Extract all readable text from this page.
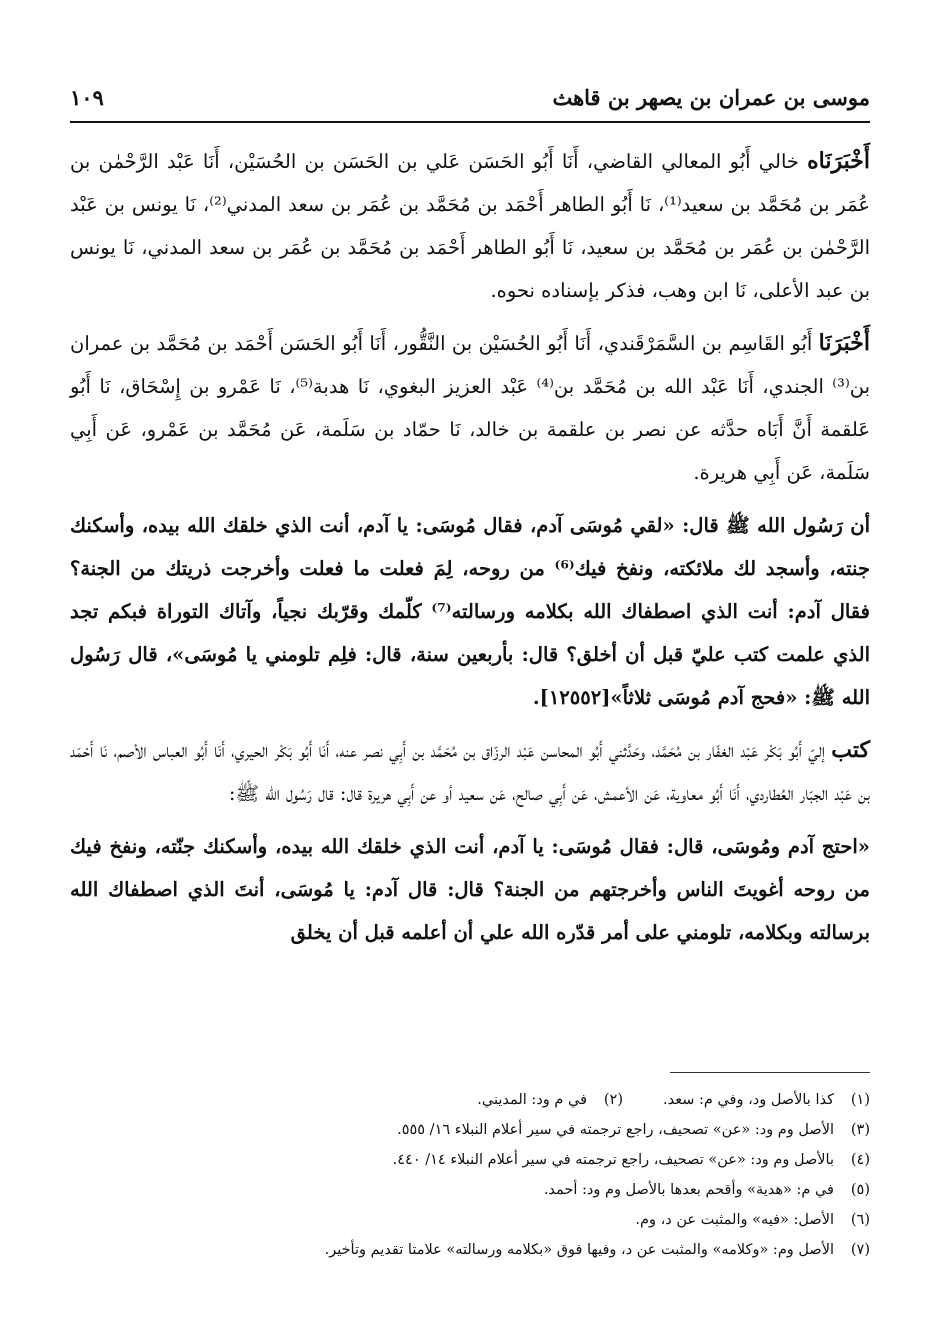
موسى بن عمران بن يصهر بن قاهث
١٠٩

أَخْبَرَنَاه خالي أَبُو المعالي القاضي، أَنَا أَبُو الحَسَن عَلي بن الحَسَن بن الحُسَيْن، أَنَا عَبْد الرَّحْمٰن بن عُمَر بن مُحَمَّد بن سعيد⁽¹⁾، نَا أَبُو الطاهر أَحْمَد بن مُحَمَّد بن عُمَر بن سعد المدني⁽²⁾، نَا يونس بن عَبْد الرَّحْمٰن بن عُمَر بن مُحَمَّد بن سعيد، نَا أَبُو الطاهر أَحْمَد بن مُحَمَّد بن عُمَر بن سعد المدني، نَا يونس بن عبد الأعلى، نَا ابن وهب، فذكر بإسناده نحوه.

أَخْبَرَنَا أَبُو القَاسِم بن السَّمَرْقَندي، أَنَا أَبُو الحُسَيْن بن النَّقُّور، أَنَا أَبُو الحَسَن أَحْمَد بن مُحَمَّد بن عمران بن⁽³⁾ الجندي، أَنَا عَبْد الله بن مُحَمَّد بن⁽⁴⁾ عَبْد العزيز البغوي، نَا هدبة⁽⁵⁾، نَا عَمْرو بن إِسْحَاق، نَا أَبُو عَلقمة أَنَّ أَبَاه حدَّثه عن نصر بن علقمة بن خالد، نَا حمّاد بن سَلَمة، عَن مُحَمَّد بن عَمْرو، عَن أَبِي سَلَمة، عَن أَبِي هريرة.

أن رَسُول الله ﷺ قال: «لقي مُوسَى آدم، فقال مُوسَى: يا آدم، أنت الذي خلقك الله بيده، وأسكنك جنته، وأسجد لك ملائكته، ونفخ فيك⁽⁶⁾ من روحه، لِمَ فعلت ما فعلت وأخرجت ذريتك من الجنة؟ فقال آدم: أنت الذي اصطفاك الله بكلامه ورسالته⁽⁷⁾ كلّمك وقرّبك نجياً، وآتاك التوراة فبكم تجد الذي علمت كتب عليّ قبل أن أخلق؟ قال: بأربعين سنة، قال: فلِم تلومني يا مُوسَى»، قال رَسُول الله ﷺ: «فحج آدم مُوسَى ثلاثاً»[١٢٥٥٢].

كتب إليّ أَبُو بَكْر عَبْد الغفّار بن مُحَمَّد، وحَدَّثني أَبُو المحاسن عَبْد الرزّاق بن مُحَمَّد بن أَبِي نصر عنه، أَنَا أَبُو بَكْر الحيري، أَنَا أَبُو العباس الأصم، نَا أَحْمَد بن عَبْد الجبّار العُطاردي، أَنَا أَبُو معاوية، عَن الأعمش، عَن أَبِي صالح، عَن سعيد أو عن أَبِي هريرة قال: قال رَسُول الله ﷺ:

«احتج آدم ومُوسَى، قال: فقال مُوسَى: يا آدم، أنت الذي خلقك الله بيده، وأسكنك جنّته، ونفخ فيك من روحه أغويتَ الناس وأخرجتهم من الجنة؟ قال: قال آدم: يا مُوسَى، أنتَ الذي اصطفاك الله برسالته وبكلامه، تلومني على أمر قدّره الله علي أن أعلمه قبل أن يخلق

(١)
كذا بالأصل ود، وفي م: سعد.
(٢)
في م ود: المديني.
(٣)
الأصل وم ود: «عن» تصحيف، راجع ترجمته في سير أعلام النبلاء ١٦/ ٥٥٥.
(٤)
بالأصل وم ود: «عن» تصحيف، راجع ترجمته في سير أعلام النبلاء ١٤/ ٤٤٠.
(٥)
في م: «هدية» وأقحم بعدها بالأصل وم ود: أحمد.
(٦)
الأصل: «فيه» والمثبت عن د، وم.
(٧)
الأصل وم: «وكلامه» والمثبت عن د، وفيها فوق «بكلامه ورسالته» علامتا تقديم وتأخير.
